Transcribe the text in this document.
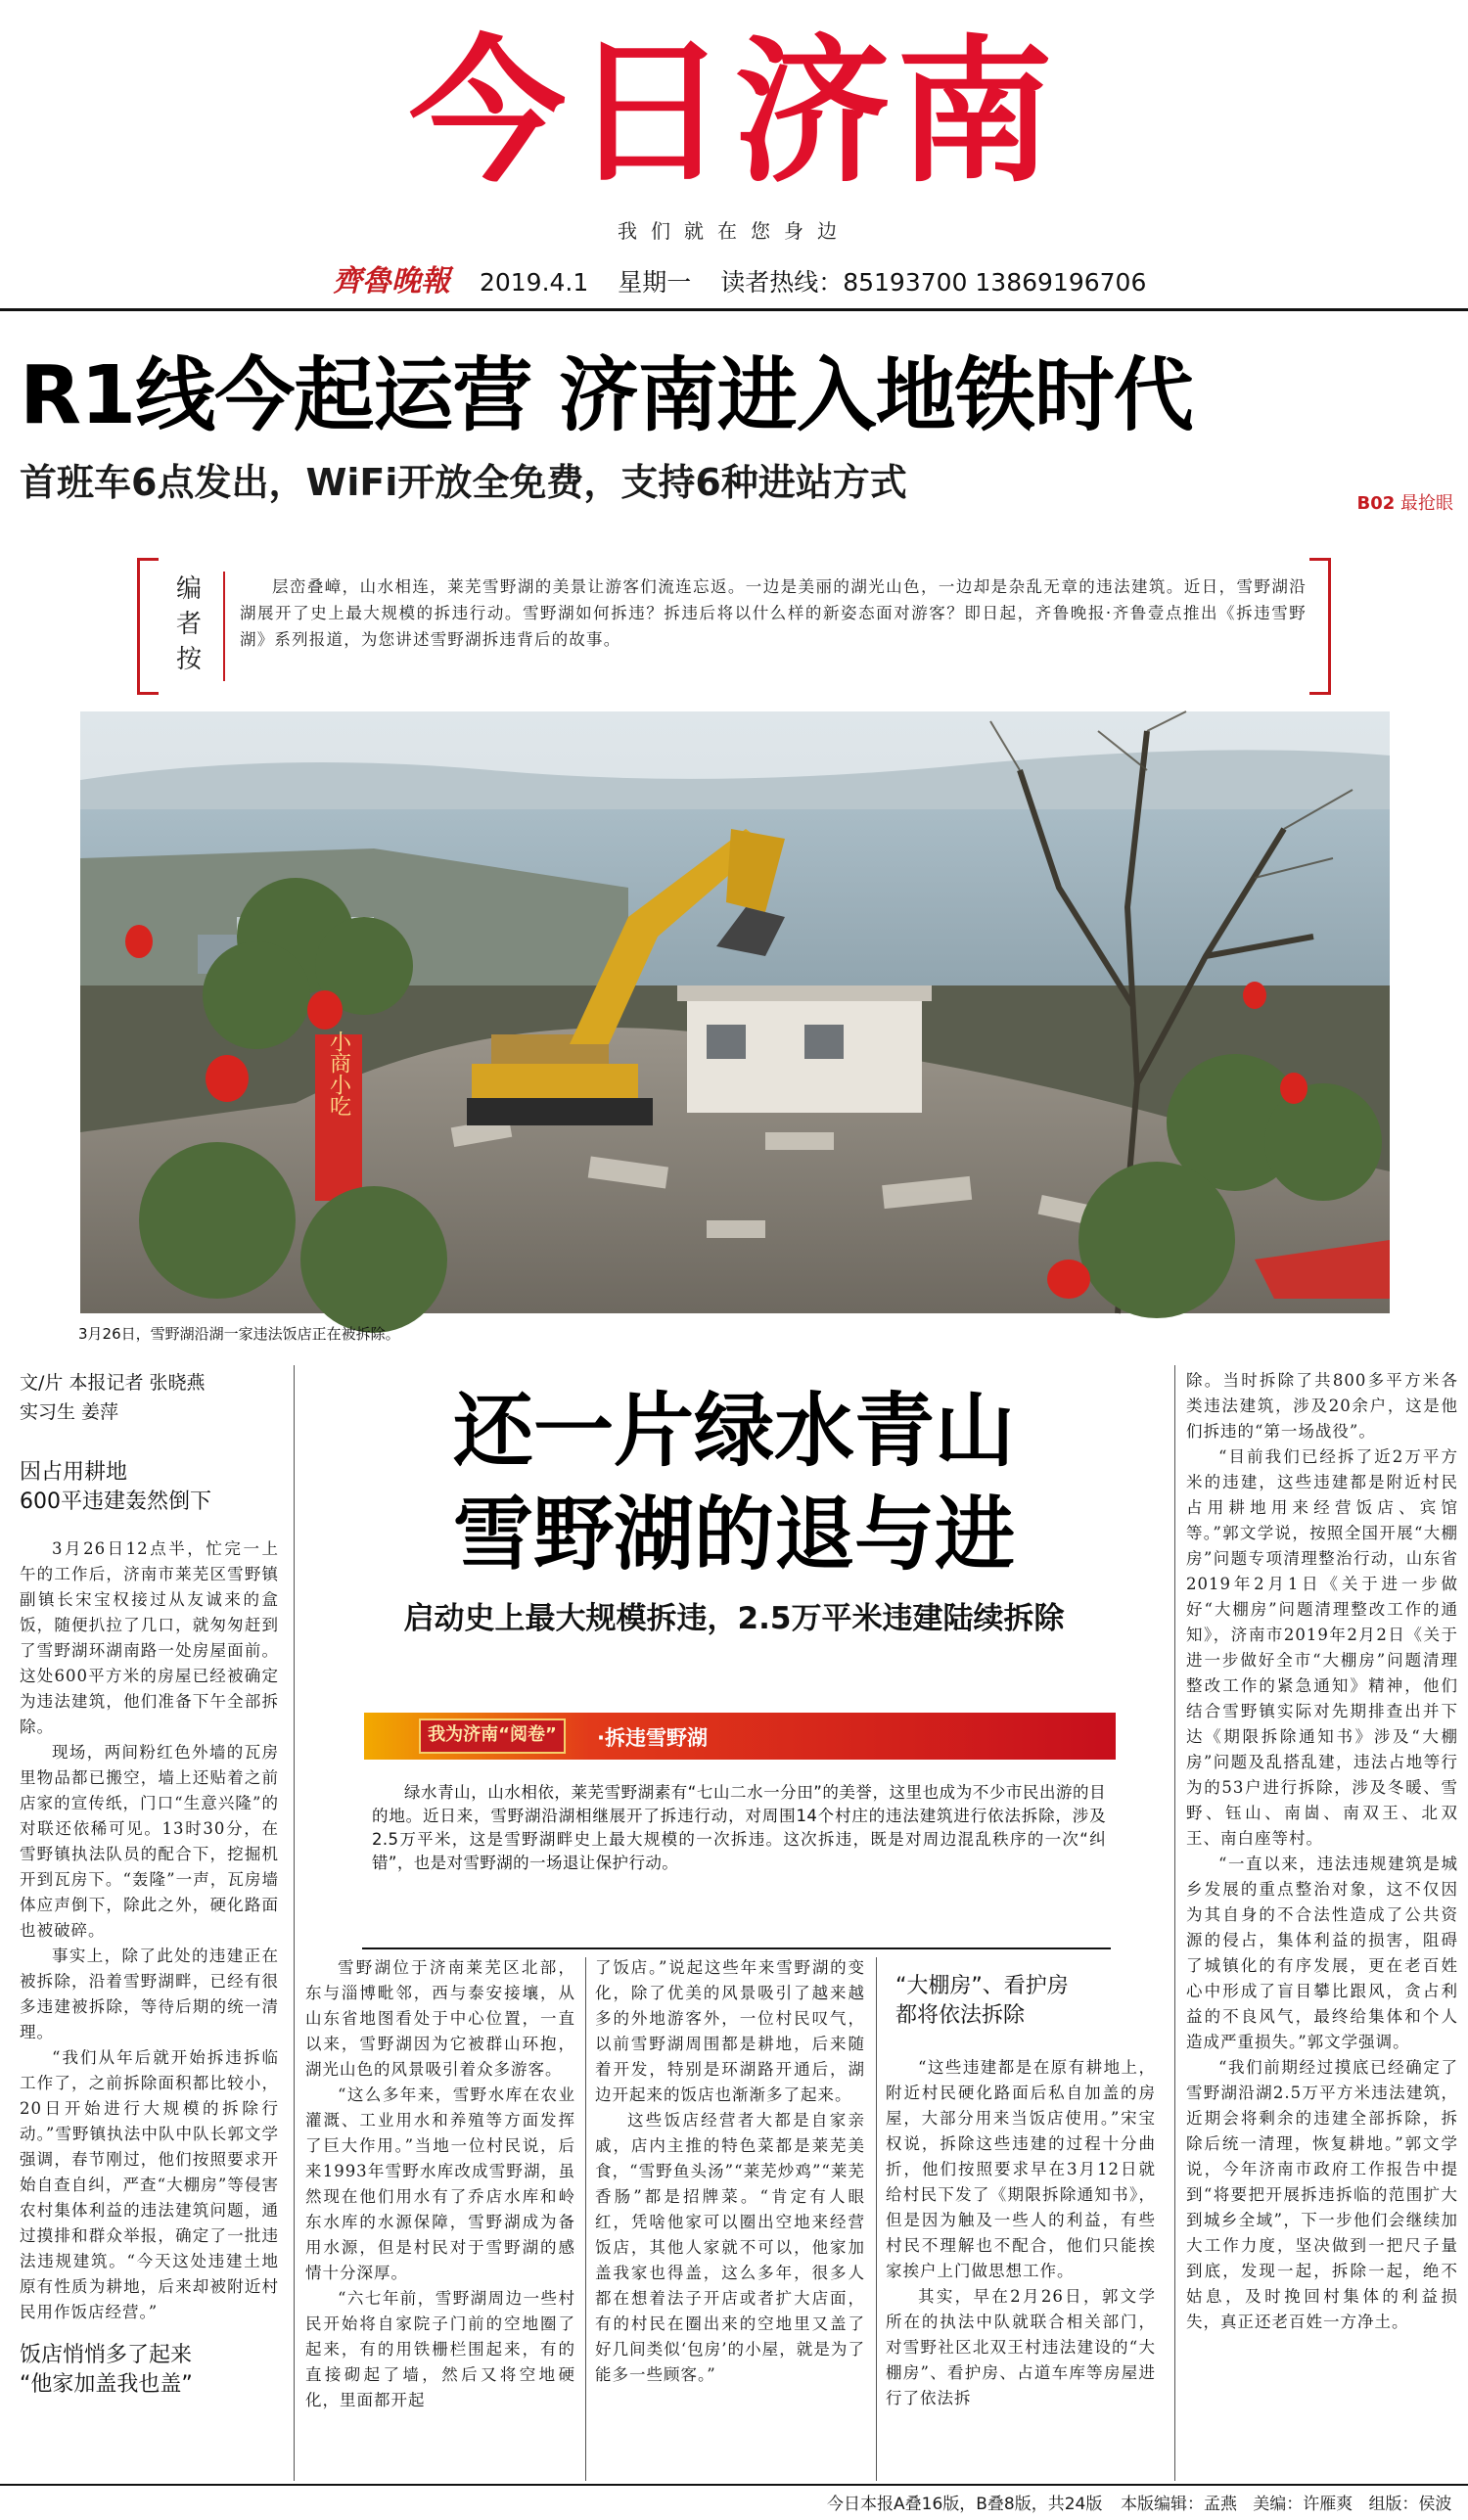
今日济南
我们就在您身边
齊魯晚報 2019.4.1 星期一 读者热线：85193700 13869196706
R1线今起运营 济南进入地铁时代
首班车6点发出，WiFi开放全免费，支持6种进站方式	B02 最抢眼
编者按
层峦叠嶂，山水相连，莱芜雪野湖的美景让游客们流连忘返。一边是美丽的湖光山色，一边却是杂乱无章的违法建筑。近日，雪野湖沿湖展开了史上最大规模的拆违行动。雪野湖如何拆违？拆违后将以什么样的新姿态面对游客？即日起，齐鲁晚报·齐鲁壹点推出《拆违雪野湖》系列报道，为您讲述雪野湖拆违背后的故事。
小商小吃
3月26日，雪野湖沿湖一家违法饭店正在被拆除。
文/片 本报记者 张晓燕
实习生 姜萍
因占用耕地
600平违建轰然倒下

3月26日12点半，忙完一上午的工作后，济南市莱芜区雪野镇副镇长宋宝权接过从友诚来的盒饭，随便扒拉了几口，就匆匆赶到了雪野湖环湖南路一处房屋面前。这处600平方米的房屋已经被确定为违法建筑，他们准备下午全部拆除。

现场，两间粉红色外墙的瓦房里物品都已搬空，墙上还贴着之前店家的宣传纸，门口“生意兴隆”的对联还依稀可见。13时30分，在雪野镇执法队员的配合下，挖掘机开到瓦房下。“轰隆”一声，瓦房墙体应声倒下，除此之外，硬化路面也被破碎。

事实上，除了此处的违建正在被拆除，沿着雪野湖畔，已经有很多违建被拆除，等待后期的统一清理。

“我们从年后就开始拆违拆临工作了，之前拆除面积都比较小，20日开始进行大规模的拆除行动。”雪野镇执法中队中队长郭文学强调，春节刚过，他们按照要求开始自查自纠，严查“大棚房”等侵害农村集体利益的违法建筑问题，通过摸排和群众举报，确定了一批违法违规建筑。“今天这处违建土地原有性质为耕地，后来却被附近村民用作饭店经营。”

饭店悄悄多了起来
“他家加盖我也盖”
还一片绿水青山
雪野湖的退与进
启动史上最大规模拆违，2.5万平米违建陆续拆除
我为济南“阅卷”	·拆违雪野湖
绿水青山，山水相依，莱芜雪野湖素有“七山二水一分田”的美誉，这里也成为不少市民出游的目的地。近日来，雪野湖沿湖相继展开了拆违行动，对周围14个村庄的违法建筑进行依法拆除，涉及2.5万平米，这是雪野湖畔史上最大规模的一次拆违。这次拆违，既是对周边混乱秩序的一次“纠错”，也是对雪野湖的一场退让保护行动。

雪野湖位于济南莱芜区北部，东与淄博毗邻，西与泰安接壤，从山东省地图看处于中心位置，一直以来，雪野湖因为它被群山环抱，湖光山色的风景吸引着众多游客。

“这么多年来，雪野水库在农业灌溉、工业用水和养殖等方面发挥了巨大作用。”当地一位村民说，后来1993年雪野水库改成雪野湖，虽然现在他们用水有了乔店水库和岭东水库的水源保障，雪野湖成为备用水源，但是村民对于雪野湖的感情十分深厚。

“六七年前，雪野湖周边一些村民开始将自家院子门前的空地圈了起来，有的用铁栅栏围起来，有的直接砌起了墙，然后又将空地硬化，里面都开起

了饭店。”说起这些年来雪野湖的变化，除了优美的风景吸引了越来越多的外地游客外，一位村民叹气，以前雪野湖周围都是耕地，后来随着开发，特别是环湖路开通后，湖边开起来的饭店也渐渐多了起来。

这些饭店经营者大都是自家亲戚，店内主推的特色菜都是莱芜美食，“雪野鱼头汤”“莱芜炒鸡”“莱芜香肠”都是招牌菜。“肯定有人眼红，凭啥他家可以圈出空地来经营饭店，其他人家就不可以，他家加盖我家也得盖，这么多年，很多人都在想着法子开店或者扩大店面，有的村民在圈出来的空地里又盖了好几间类似‘包房’的小屋，就是为了能多一些顾客。”

“大棚房”、看护房
都将依法拆除

“这些违建都是在原有耕地上，附近村民硬化路面后私自加盖的房屋，大部分用来当饭店使用。”宋宝权说，拆除这些违建的过程十分曲折，他们按照要求早在3月12日就给村民下发了《期限拆除通知书》，但是因为触及一些人的利益，有些村民不理解也不配合，他们只能挨家挨户上门做思想工作。

其实，早在2月26日，郭文学所在的执法中队就联合相关部门，对雪野社区北双王村违法建设的“大棚房”、看护房、占道车库等房屋进行了依法拆

除。当时拆除了共800多平方米各类违法建筑，涉及20余户，这是他们拆违的“第一场战役”。

“目前我们已经拆了近2万平方米的违建，这些违建都是附近村民占用耕地用来经营饭店、宾馆等。”郭文学说，按照全国开展“大棚房”问题专项清理整治行动，山东省2019年2月1日《关于进一步做好“大棚房”问题清理整改工作的通知》，济南市2019年2月2日《关于进一步做好全市“大棚房”问题清理整改工作的紧急通知》精神，他们结合雪野镇实际对先期排查出并下达《期限拆除通知书》涉及“大棚房”问题及乱搭乱建，违法占地等行为的53户进行拆除，涉及冬暖、雪野、钰山、南崮、南双王、北双王、南白座等村。

“一直以来，违法违规建筑是城乡发展的重点整治对象，这不仅因为其自身的不合法性造成了公共资源的侵占，集体利益的损害，阻碍了城镇化的有序发展，更在老百姓心中形成了盲目攀比跟风，贪占利益的不良风气，最终给集体和个人造成严重损失。”郭文学强调。

“我们前期经过摸底已经确定了雪野湖沿湖2.5万平方米违法建筑，近期会将剩余的违建全部拆除，拆除后统一清理，恢复耕地。”郭文学说，今年济南市政府工作报告中提到“将要把开展拆违拆临的范围扩大到城乡全域”，下一步他们会继续加大工作力度，坚决做到一把尺子量到底，发现一起，拆除一起，绝不姑息，及时挽回村集体的利益损失，真正还老百姓一方净土。

今日本报A叠16版，B叠8版，共24版 本版编辑：孟燕 美编：许雁爽 组版：侯波
